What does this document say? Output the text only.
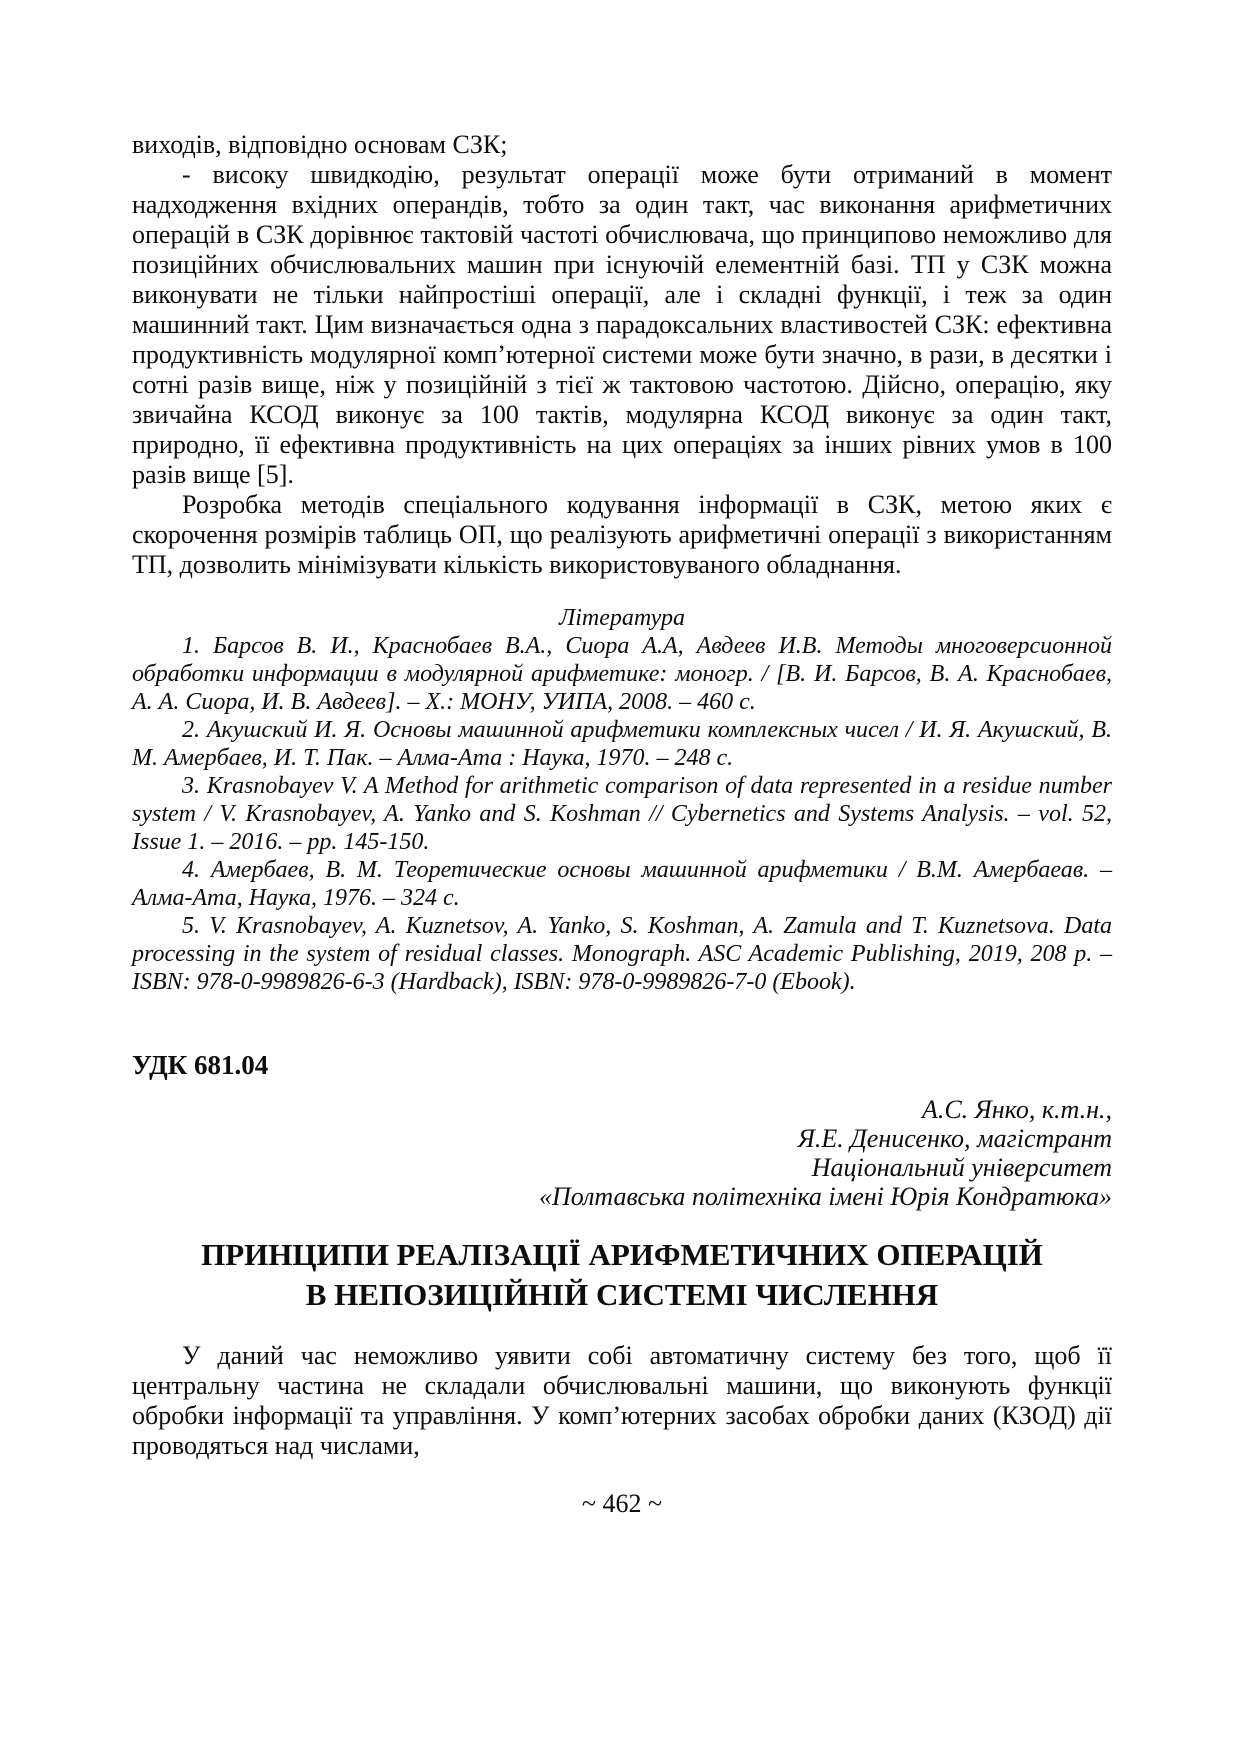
виходів, відповідно основам СЗК;

- високу швидкодію, результат операції може бути отриманий в момент надходження вхідних операндів, тобто за один такт, час виконання арифметичних операцій в СЗК дорівнює тактовій частоті обчислювача, що принципово неможливо для позиційних обчислювальних машин при існуючій елементній базі. ТП у СЗК можна виконувати не тільки найпростіші операції, але і складні функції, і теж за один машинний такт. Цим визначається одна з парадоксальних властивостей СЗК: ефективна продуктивність модулярної комп’ютерної системи може бути значно, в рази, в десятки і сотні разів вище, ніж у позиційній з тієї ж тактовою частотою. Дійсно, операцію, яку звичайна КСОД виконує за 100 тактів, модулярна КСОД виконує за один такт, природно, її ефективна продуктивність на цих операціях за інших рівних умов в 100 разів вище [5].

Розробка методів спеціального кодування інформації в СЗК, метою яких є скорочення розмірів таблиць ОП, що реалізують арифметичні операції з використанням ТП, дозволить мінімізувати кількість використовуваного обладнання.

Література

1. Барсов В. И., Краснобаев В.А., Сиора А.А, Авдеев И.В. Методы многоверсионной обработки информации в модулярной арифметике: моногр. / [В. И. Барсов, В. А. Краснобаев, А. А. Сиора, И. В. Авдеев]. – Х.: МОНУ, УИПА, 2008. – 460 с.

2. Акушский И. Я. Основы машинной арифметики комплексных чисел / И. Я. Акушский, В. М. Амербаев, И. Т. Пак. – Алма-Ата : Наука, 1970. – 248 с.

3. Krasnobayev V. A Method for arithmetic comparison of data represented in a residue number system / V. Krasnobayev, A. Yanko and S. Koshman // Cybernetics and Systems Analysis. – vol. 52, Issue 1. – 2016. – pp. 145-150.

4. Амербаев, В. М. Теоретические основы машинной арифметики / В.М. Амербаеав. – Алма-Ата, Наука, 1976. – 324 с.

5. V. Krasnobayev, A. Kuznetsov, A. Yanko, S. Koshman, A. Zamula and T. Kuznetsova. Data processing in the system of residual classes. Monograph. ASC Academic Publishing, 2019, 208 p. – ISBN: 978-0-9989826-6-3 (Hardback), ISBN: 978-0-9989826-7-0 (Ebook).

УДК 681.04

А.С. Янко, к.т.н.,
Я.Е. Денисенко, магістрант
Національний університет
«Полтавська політехніка імені Юрія Кондратюка»
ПРИНЦИПИ РЕАЛІЗАЦІЇ АРИФМЕТИЧНИХ ОПЕРАЦІЙ
В НЕПОЗИЦІЙНІЙ СИСТЕМІ ЧИСЛЕННЯ

У даний час неможливо уявити собі автоматичну систему без того, щоб її центральну частина не складали обчислювальні машини, що виконують функції обробки інформації та управління. У комп’ютерних засобах обробки даних (КЗОД) дії проводяться над числами,

~ 462 ~
